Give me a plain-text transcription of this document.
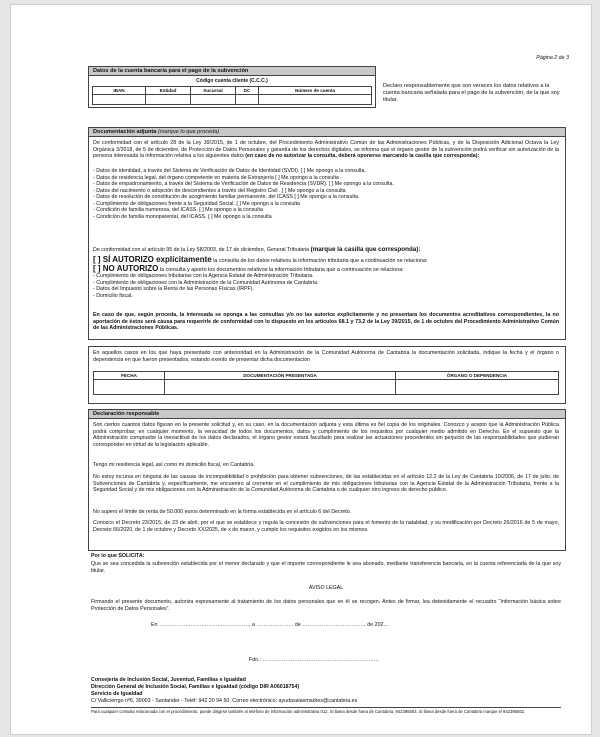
Página 2 de 3
Datos de la cuenta bancaria para el pago de la subvención
Código cuenta cliente (C.C.C.)
IBAN	Entidad	Sucursal	DC	Número de cuenta

Declaro responsablemente que son veraces los datos relativos a la cuenta bancaria señalada para el pago de la subvención, de la que soy titular.
Documentación adjunta (marque lo que proceda)
De conformidad con el artículo 28 de la Ley 39/2015, de 1 de octubre, del Procedimiento Administrativo Común de las Administraciones Públicas, y de la Disposición Adicional Octava la Ley Orgánica 3/2018, de 5 de diciembre, de Protección de Datos Personales y garantía de los derechos digitales, se informa que el órgano gestor de la subvención podrá verificar sin autorización de la persona interesada la información relativa a los siguientes datos (en caso de no autorizar la consulta, deberá oponerse marcando la casilla que corresponda):
- Datos de identidad, a través del Sistema de Verificación de Datos de Identidad (SVDI). [ ] Me opongo a la consulta.
- Datos de residencia legal, del órgano competente en materia de Extranjería [ ] Me opongo a la consulta
- Datos de empadronamiento, a través del Sistema de Verificación de Datos de Residencia (SVDR). [ ] Me opongo a la consulta.
- Datos del nacimiento o adopción de descendientes a través del Registro Civil . [ ] Me opongo a la consulta
- Datos de resolución de constitución de acogimiento familiar permanente, del ICASS [ ] Me opongo a la consulta.
- Cumplimiento de obligaciones frente a la Seguridad Social. [ ] Me opongo a la consulta
- Condición de familia numerosa, del ICASS. [ ] Me opongo a la consulta
- Condición de familia monoparental, del ICASS. [ ] Me opongo a la consulta
De conformidad con el artículo 95 de la Ley 58/2003, de 17 de diciembre, General Tributaria (marque la casilla que corresponda):
[ ] SÍ AUTORIZO explícitamente la consulta de los datos relativos la información tributaria que a continuación se relaciona:
[ ] NO AUTORIZO la consulta y aporto los documentos relativos la información tributaria que a continuación se relaciona:
- Cumplimiento de obligaciones tributarias con la Agencia Estatal de Administración Tributaria.
- Cumplimiento de obligaciones con la Administración de la Comunidad Autónoma de Cantabria.
- Datos del Impuesto sobre la Renta de las Personas Físicas (IRPF).
- Domicilio fiscal.
En caso de que, según proceda, la interesada se oponga a las consultas y/o no las autorice explícitamente y no presentara los documentos acreditativos correspondientes, la no aportación de éstos será causa para requerirle de conformidad con lo dispuesto en los artículos 68.1 y 73.2 de la Ley 39/2015, de 1 de octubre del Procedimiento Administrativo Común de las Administraciones Públicas.
En aquellos casos en los que haya presentado con anterioridad en la Administración de la Comunidad Autónoma de Cantabria la documentación solicitada, indique la fecha y el órgano o dependencia en que fueron presentados, estando exento de presentar dicha documentación
FECHA	DOCUMENTACIÓN PRESENTADA	ÓRGANO O DEPENDENCIA

Declaración responsable
Son ciertos cuantos datos figuran en la presente solicitud y, en su caso, en la documentación adjunta y esta última es fiel copia de los originales. Conozco y acepto que la Administración Pública podrá comprobar, en cualquier momento, la veracidad de todos los documentos, datos y cumplimiento de los requisitos por cualquier medio admitido en Derecho. En el supuesto que la Administración compruebe la inexactitud de los datos declarados, el órgano gestor estará facultado para realizar las actuaciones procedentes sin perjuicio de las responsabilidades que pudieran corresponder en virtud de la legislación aplicable.
Tengo mi residencia legal, así como mi domicilio fiscal, en Cantabria.
No estoy incursa en ninguna de las causas de incompatibilidad o prohibición para obtener subvenciones, de las establecidas en el artículo 12.2 de la Ley de Cantabria 10/2006, de 17 de julio, de Subvenciones de Cantabria y, específicamente, me encuentro al corriente en el cumplimiento de mis obligaciones tributarias con la Agencia Estatal de la Administración Tributaria, frente a la Seguridad Social y de mis obligaciones con la Administración de la Comunidad Autónoma de Cantabria o de cualquier otro ingreso de derecho público.
No supero el límite de renta de 50.000 euros determinado en la forma establecida en el artículo 6 del Decreto.
Conozco el Decreto 23/2015, de 23 de abril, por el que se establece y regula la concesión de subvenciones para el fomento de la natalidad, y su modificación por Decreto 26/2016 de 5 de mayo, Decreto 66/2020, de 1 de octubre y Decreto XX/2025, de x de marzo, y cumplo los requisitos exigidos en los mismos.
Por lo que SOLICITA:
Que se sea concedida la subvención establecida por el menor declarado y que el importe correspondiente le sea abonado, mediante transferencia bancaria, en la cuenta referenciada de la que soy titular.
AVISO LEGAL
Firmando el presente documento, autoriza expresamente al tratamiento de los datos personales que en él se recogen. Antes de firmar, lea detenidamente el recuadro “Información básica sobre Protección de Datos Personales”.
En ……………………………………………, a ………………… de ……………………………… de 202…
Fdo.: …………………………………………………………
Consejería de Inclusión Social, Juventud, Familias e Igualdad
Dirección General de Inclusión Social, Familias e Igualdad (código DIR A06018754)
Servicio de Igualdad
C/ Vallicierrgo nº6, 39003 - Santander - Teléf: 942 20 94 50. Correo electrónico: ayudasalasmadres@cantabria.es
Para cualquier consulta relacionada con el procedimiento, puede dirigirse también al teléfono de información administrativa 012. Si llama desde fuera de Cantabria, 942395563. Si llama desde fuera de Cantabria marque el 942395562.
